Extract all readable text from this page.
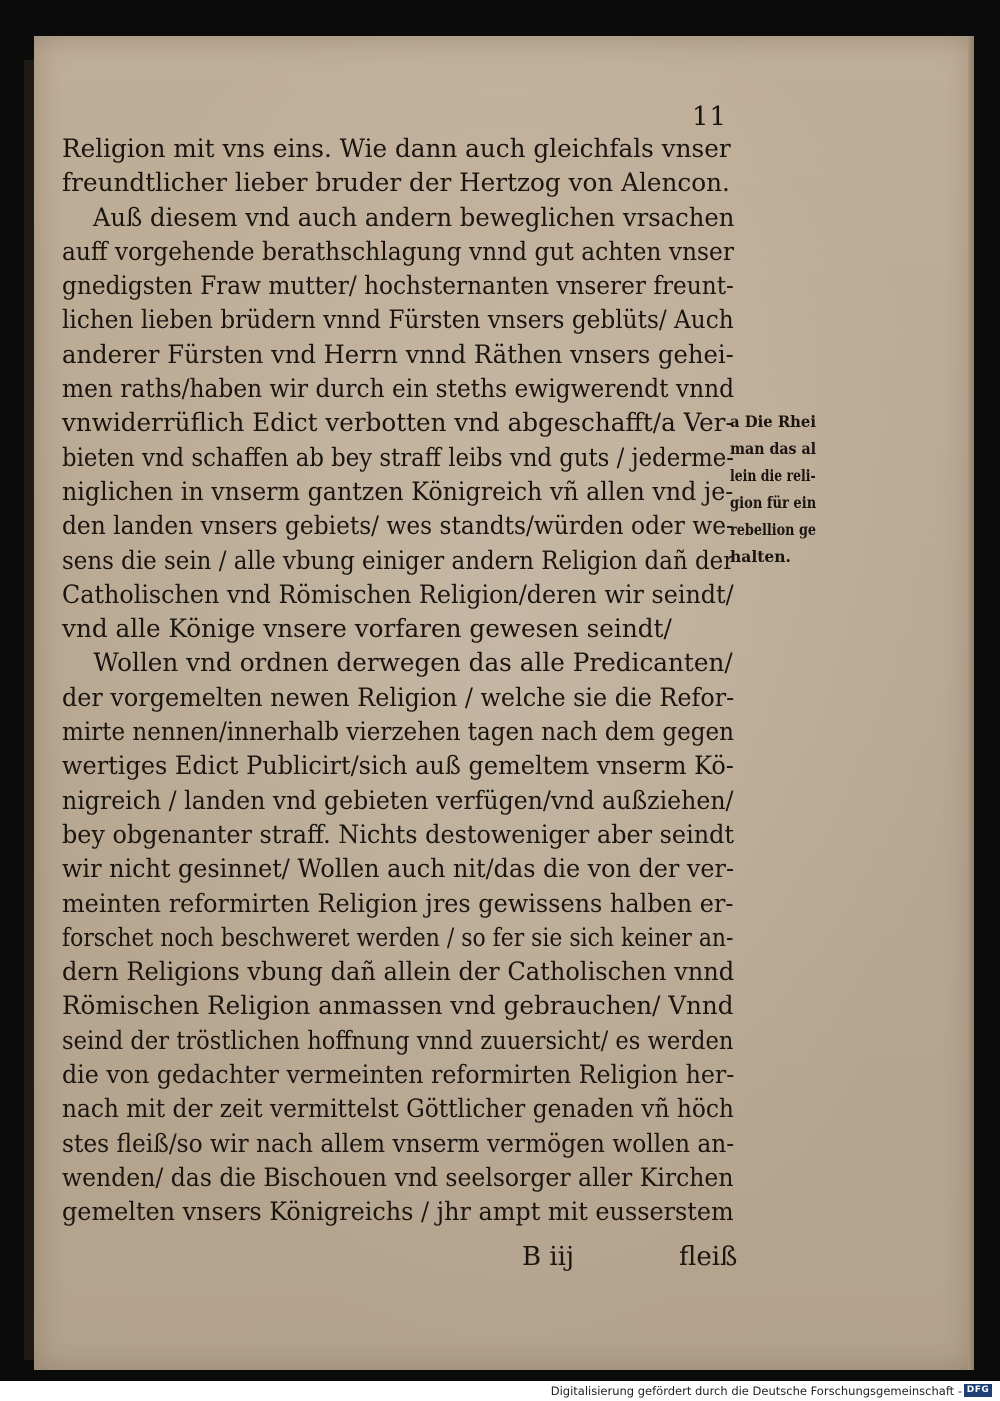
11
Religion mit vns eins. Wie dann auch gleichfals vnser
freundtlicher lieber bruder der Hertzog von Alencon.
Auß diesem vnd auch andern beweglichen vrsachen
auff vorgehende berathschlagung vnnd gut achten vnser
gnedigsten Fraw mutter/ hochsternanten vnserer freunt-
lichen lieben brüdern vnnd Fürsten vnsers geblüts/ Auch
anderer Fürsten vnd Herrn vnnd Räthen vnsers gehei-
men raths/haben wir durch ein steths ewigwerendt vnnd
vnwiderrüflich Edict verbotten vnd abgeschafft/a Ver-
bieten vnd schaffen ab bey straff leibs vnd guts / jederme-
niglichen in vnserm gantzen Königreich vñ allen vnd je-
den landen vnsers gebiets/ wes standts/würden oder we-
sens die sein / alle vbung einiger andern Religion dañ der
Catholischen vnd Römischen Religion/deren wir seindt/
vnd alle Könige vnsere vorfaren gewesen seindt/
Wollen vnd ordnen derwegen das alle Predicanten/
der vorgemelten newen Religion / welche sie die Refor-
mirte nennen/innerhalb vierzehen tagen nach dem gegen
wertiges Edict Publicirt/sich auß gemeltem vnserm Kö-
nigreich / landen vnd gebieten verfügen/vnd außziehen/
bey obgenanter straff. Nichts destoweniger aber seindt
wir nicht gesinnet/ Wollen auch nit/das die von der ver-
meinten reformirten Religion jres gewissens halben er-
forschet noch beschweret werden / so fer sie sich keiner an-
dern Religions vbung dañ allein der Catholischen vnnd
Römischen Religion anmassen vnd gebrauchen/ Vnnd
seind der tröstlichen hoffnung vnnd zuuersicht/ es werden
die von gedachter vermeinten reformirten Religion her-
nach mit der zeit vermittelst Göttlicher genaden vñ höch
stes fleiß/so wir nach allem vnserm vermögen wollen an-
wenden/ das die Bischouen vnd seelsorger aller Kirchen
gemelten vnsers Königreichs / jhr ampt mit eusserstem
a Die Rhei
man das al
lein die reli-
gion für ein
rebellion ge
halten.
B iij	fleiß
Digitalisierung gefördert durch die Deutsche Forschungsgemeinschaft - DFG
